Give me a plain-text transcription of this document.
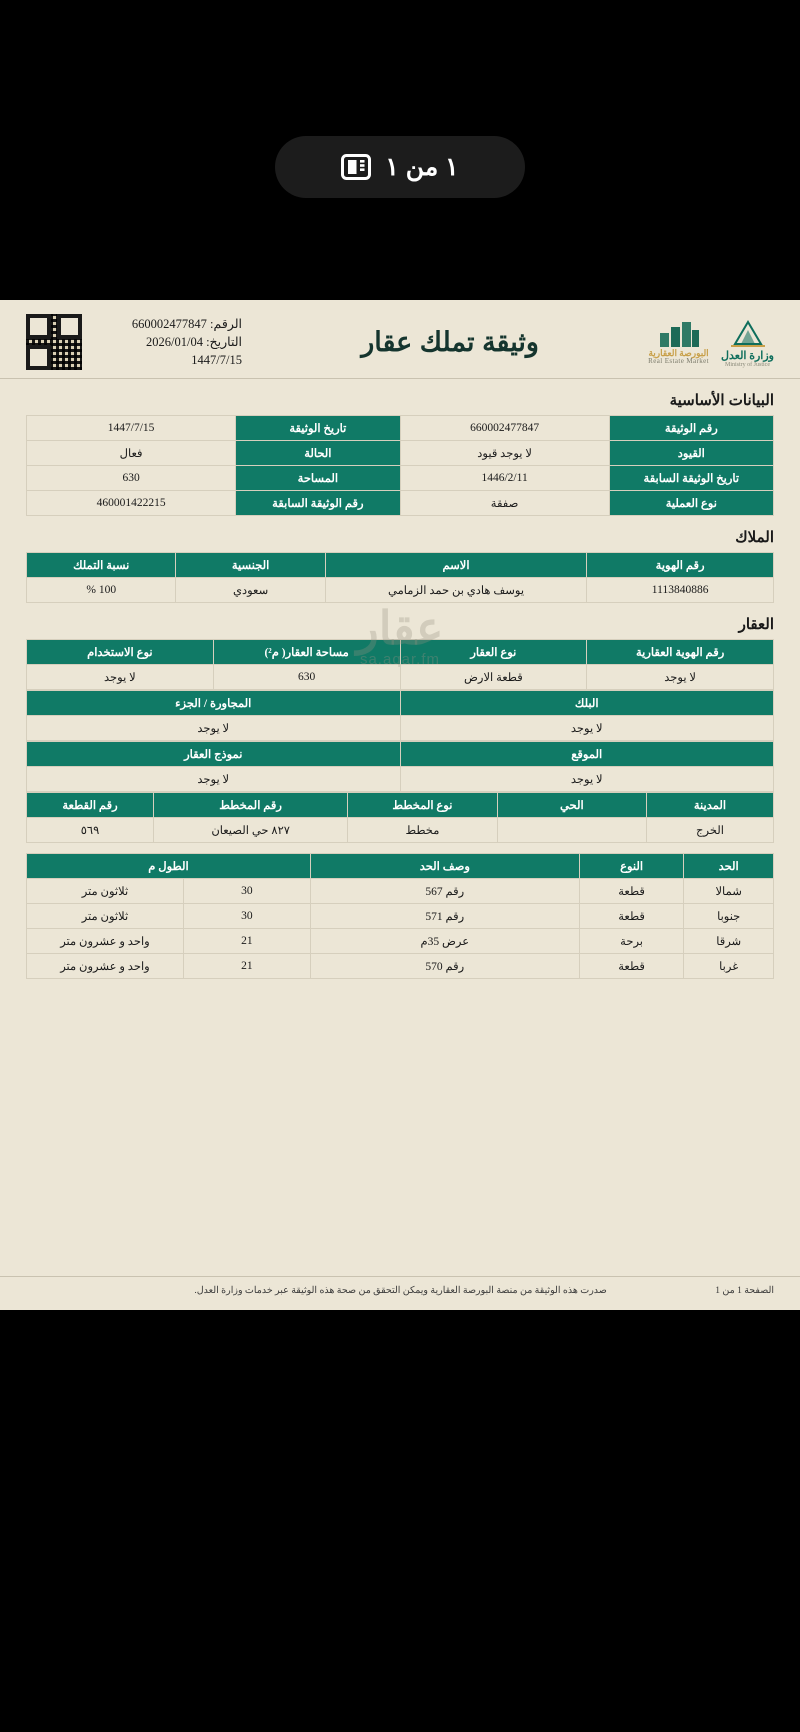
١ من ١
وزارة العدل
Ministry of Justice
البورصة العقارية
Real Estate Market
وثيقة تملك عقار
الرقم: 660002477847
التاريخ: 2026/01/04
1447/7/15
عقار
sa.aqar.fm
البيانات الأساسية
رقم الوثيقة	660002477847	تاريخ الوثيقة	1447/7/15
القيود	لا يوجد قيود	الحالة	فعال
تاريخ الوثيقة السابقة	1446/2/11	المساحة	630
نوع العملية	صفقة	رقم الوثيقة السابقة	460001422215
الملاك
رقم الهوية	الاسم	الجنسية	نسبة التملك
1113840886	يوسف هادي بن حمد الزمامي	سعودي	100 %
العقار
رقم الهوية العقارية	نوع العقار	مساحة العقار( م²)	نوع الاستخدام
لا يوجد	قطعة الارض	630	لا يوجد
البلك	المجاورة / الجزء
لا يوجد	لا يوجد
الموقع	نموذج العقار
لا يوجد	لا يوجد
المدينة	الحي	نوع المخطط	رقم المخطط	رقم القطعة
الخرج		مخطط	٨٢٧ حي الصيعان	٥٦٩
الحد	النوع	وصف الحد	الطول م	
شمالا	قطعة	رقم 567	30	ثلاثون متر
جنوبا	قطعة	رقم 571	30	ثلاثون متر
شرقا	برحة	عرض 35م	21	واحد و عشرون متر
غربا	قطعة	رقم 570	21	واحد و عشرون متر
الصفحة 1 من 1
صدرت هذه الوثيقة من منصة البورصة العقارية ويمكن التحقق من صحة هذه الوثيقة عبر خدمات وزارة العدل.
